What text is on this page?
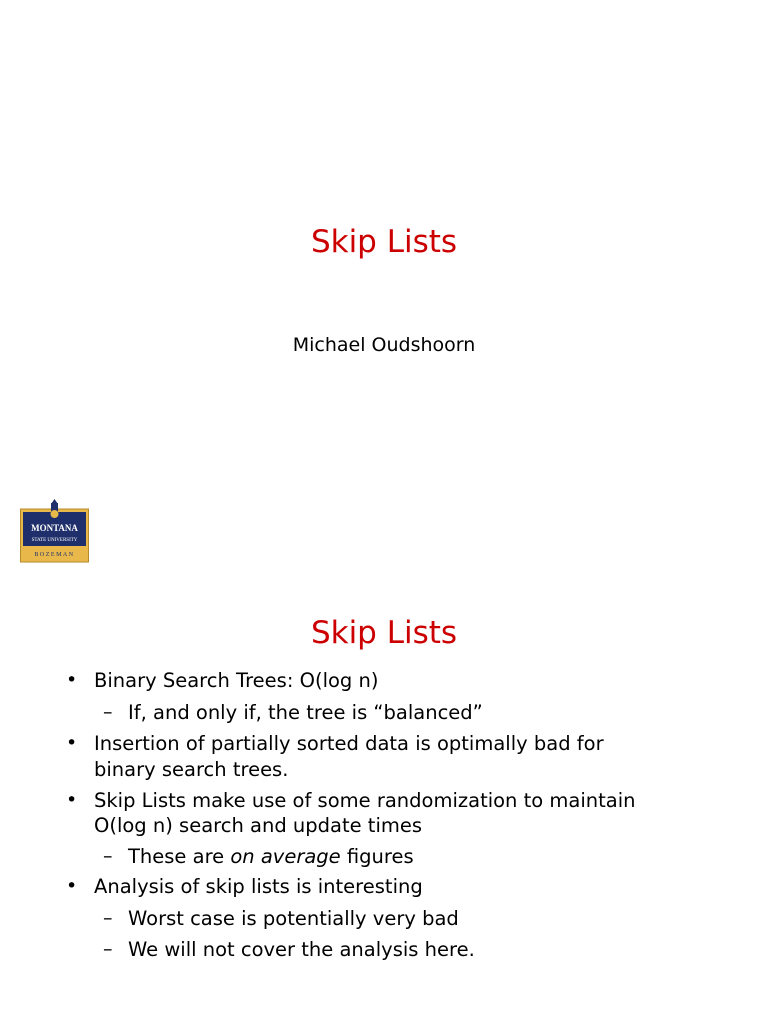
Skip Lists
Michael Oudshoorn
MONTANA
STATE UNIVERSITY
BOZEMAN
Skip Lists
• Binary Search Trees: O(log n)
– If, and only if, the tree is “balanced”
• Insertion of partially sorted data is optimally bad for
binary search trees.
• Skip Lists make use of some randomization to maintain
O(log n) search and update times
– These are on average figures
• Analysis of skip lists is interesting
– Worst case is potentially very bad
– We will not cover the analysis here.
